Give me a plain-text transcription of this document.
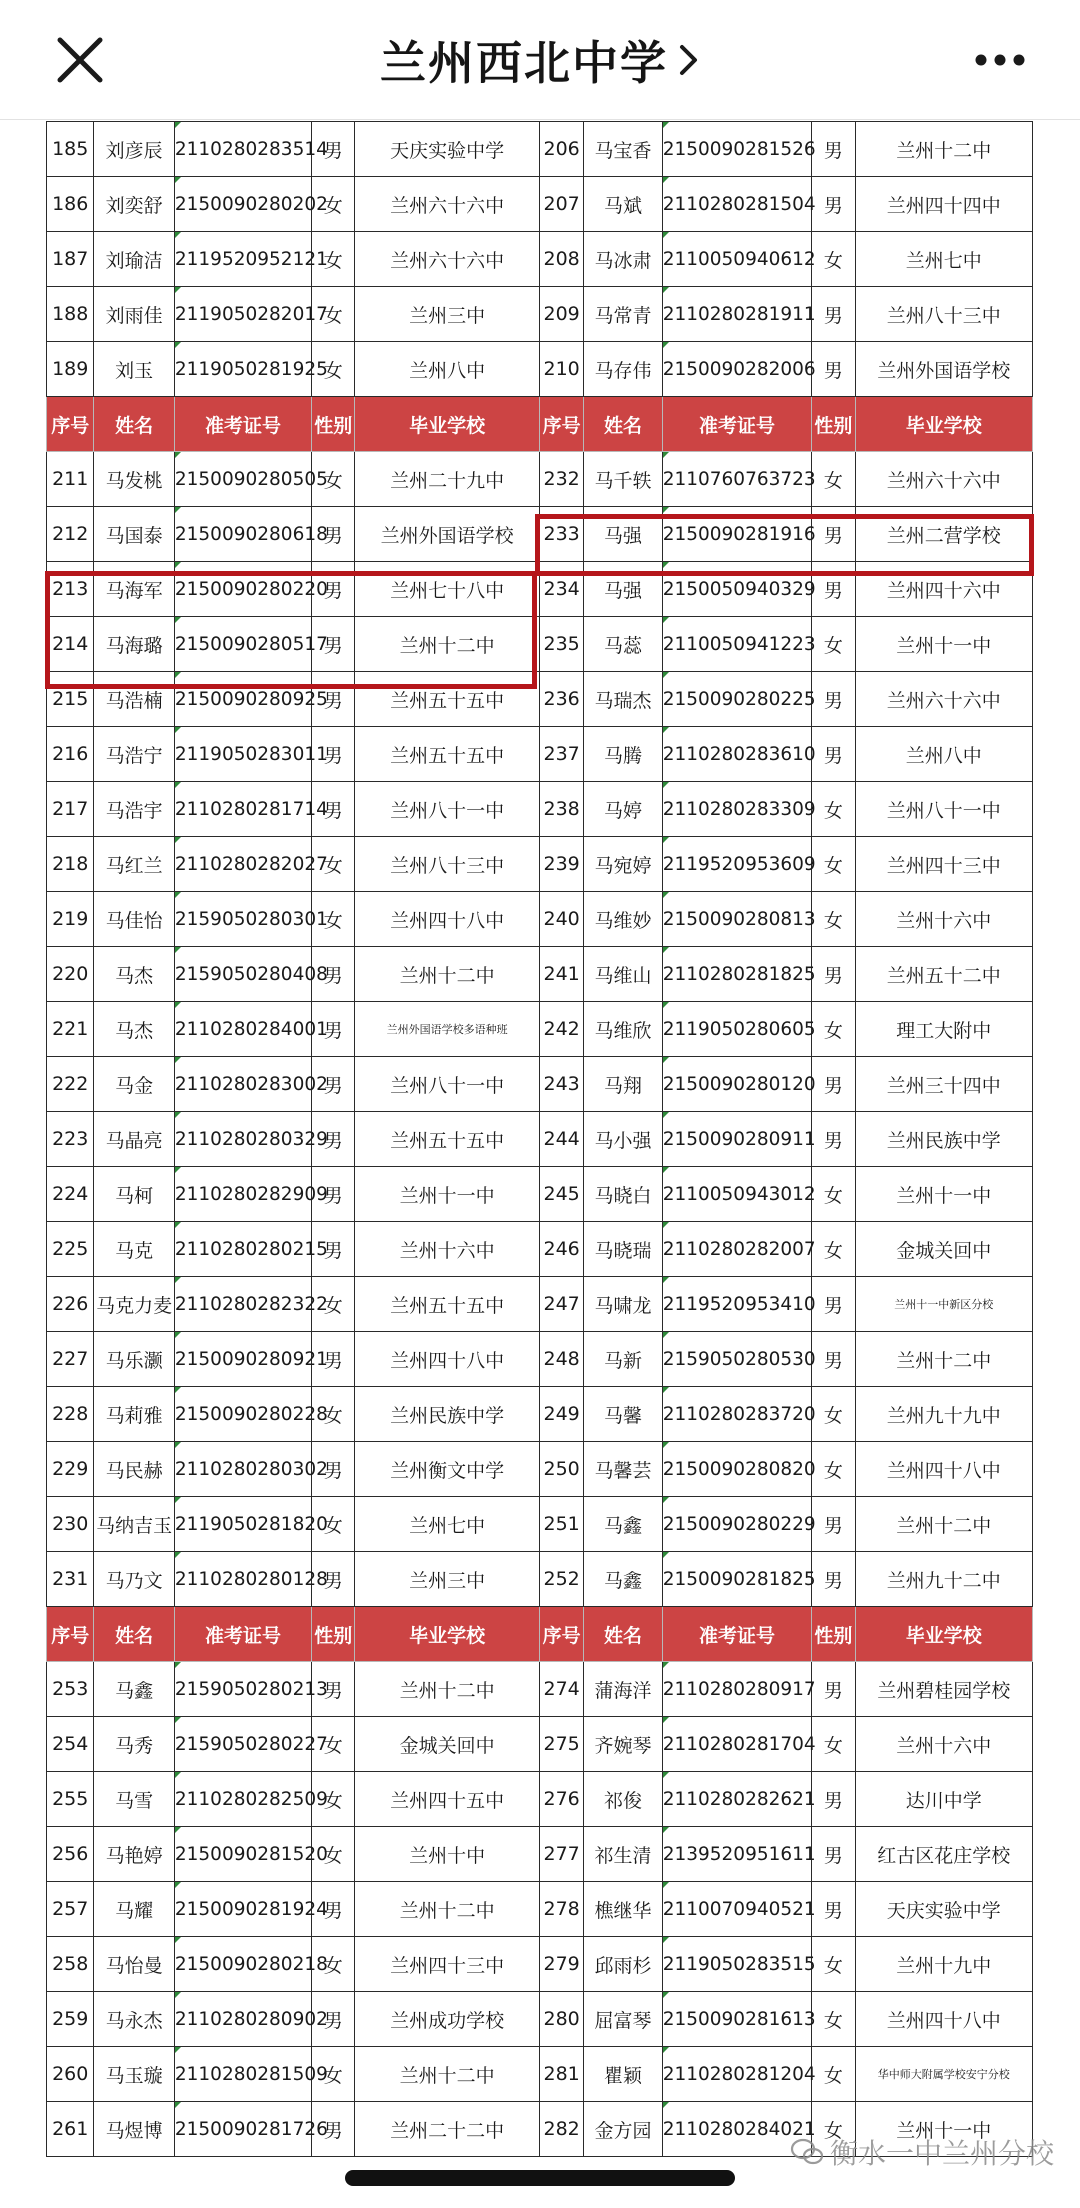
兰州西北中学
185	刘彦辰	2110280283514	男	天庆实验中学	206	马宝香	2150090281526	男	兰州十二中
186	刘奕舒	2150090280202	女	兰州六十六中	207	马斌	2110280281504	男	兰州四十四中
187	刘瑜洁	2119520952121	女	兰州六十六中	208	马冰肃	2110050940612	女	兰州七中
188	刘雨佳	2119050282017	女	兰州三中	209	马常青	2110280281911	男	兰州八十三中
189	刘玉	2119050281925	女	兰州八中	210	马存伟	2150090282006	男	兰州外国语学校
序号	姓名	准考证号	性别	毕业学校	序号	姓名	准考证号	性别	毕业学校
211	马发桃	2150090280505	女	兰州二十九中	232	马千轶	2110760763723	女	兰州六十六中
212	马国泰	2150090280618	男	兰州外国语学校	233	马强	2150090281916	男	兰州二营学校
213	马海军	2150090280220	男	兰州七十八中	234	马强	2150050940329	男	兰州四十六中
214	马海璐	2150090280517	男	兰州十二中	235	马蕊	2110050941223	女	兰州十一中
215	马浩楠	2150090280925	男	兰州五十五中	236	马瑞杰	2150090280225	男	兰州六十六中
216	马浩宁	2119050283011	男	兰州五十五中	237	马腾	2110280283610	男	兰州八中
217	马浩宇	2110280281714	男	兰州八十一中	238	马婷	2110280283309	女	兰州八十一中
218	马红兰	2110280282027	女	兰州八十三中	239	马宛婷	2119520953609	女	兰州四十三中
219	马佳怡	2159050280301	女	兰州四十八中	240	马维妙	2150090280813	女	兰州十六中
220	马杰	2159050280408	男	兰州十二中	241	马维山	2110280281825	男	兰州五十二中
221	马杰	2110280284001	男	兰州外国语学校多语种班	242	马维欣	2119050280605	女	理工大附中
222	马金	2110280283002	男	兰州八十一中	243	马翔	2150090280120	男	兰州三十四中
223	马晶亮	2110280280329	男	兰州五十五中	244	马小强	2150090280911	男	兰州民族中学
224	马柯	2110280282909	男	兰州十一中	245	马晓白	2110050943012	女	兰州十一中
225	马克	2110280280215	男	兰州十六中	246	马晓瑞	2110280282007	女	金城关回中
226	马克力麦	2110280282322	女	兰州五十五中	247	马啸龙	2119520953410	男	兰州十一中新区分校
227	马乐灏	2150090280921	男	兰州四十八中	248	马新	2159050280530	男	兰州十二中
228	马莉雅	2150090280228	女	兰州民族中学	249	马馨	2110280283720	女	兰州九十九中
229	马民赫	2110280280302	男	兰州衡文中学	250	马馨芸	2150090280820	女	兰州四十八中
230	马纳吉玉	2119050281820	女	兰州七中	251	马鑫	2150090280229	男	兰州十二中
231	马乃文	2110280280128	男	兰州三中	252	马鑫	2150090281825	男	兰州九十二中
序号	姓名	准考证号	性别	毕业学校	序号	姓名	准考证号	性别	毕业学校
253	马鑫	2159050280213	男	兰州十二中	274	蒲海洋	2110280280917	男	兰州碧桂园学校
254	马秀	2159050280227	女	金城关回中	275	齐婉琴	2110280281704	女	兰州十六中
255	马雪	2110280282509	女	兰州四十五中	276	祁俊	2110280282621	男	达川中学
256	马艳婷	2150090281520	女	兰州十中	277	祁生清	2139520951611	男	红古区花庄学校
257	马耀	2150090281924	男	兰州十二中	278	樵继华	2110070940521	男	天庆实验中学
258	马怡曼	2150090280218	女	兰州四十三中	279	邱雨杉	2119050283515	女	兰州十九中
259	马永杰	2110280280902	男	兰州成功学校	280	屈富琴	2150090281613	女	兰州四十八中
260	马玉璇	2110280281509	女	兰州十二中	281	瞿颖	2110280281204	女	华中师大附属学校安宁分校
261	马煜博	2150090281726	男	兰州二十二中	282	金方园	2110280284021	女	兰州十一中
衡水一中兰州分校
